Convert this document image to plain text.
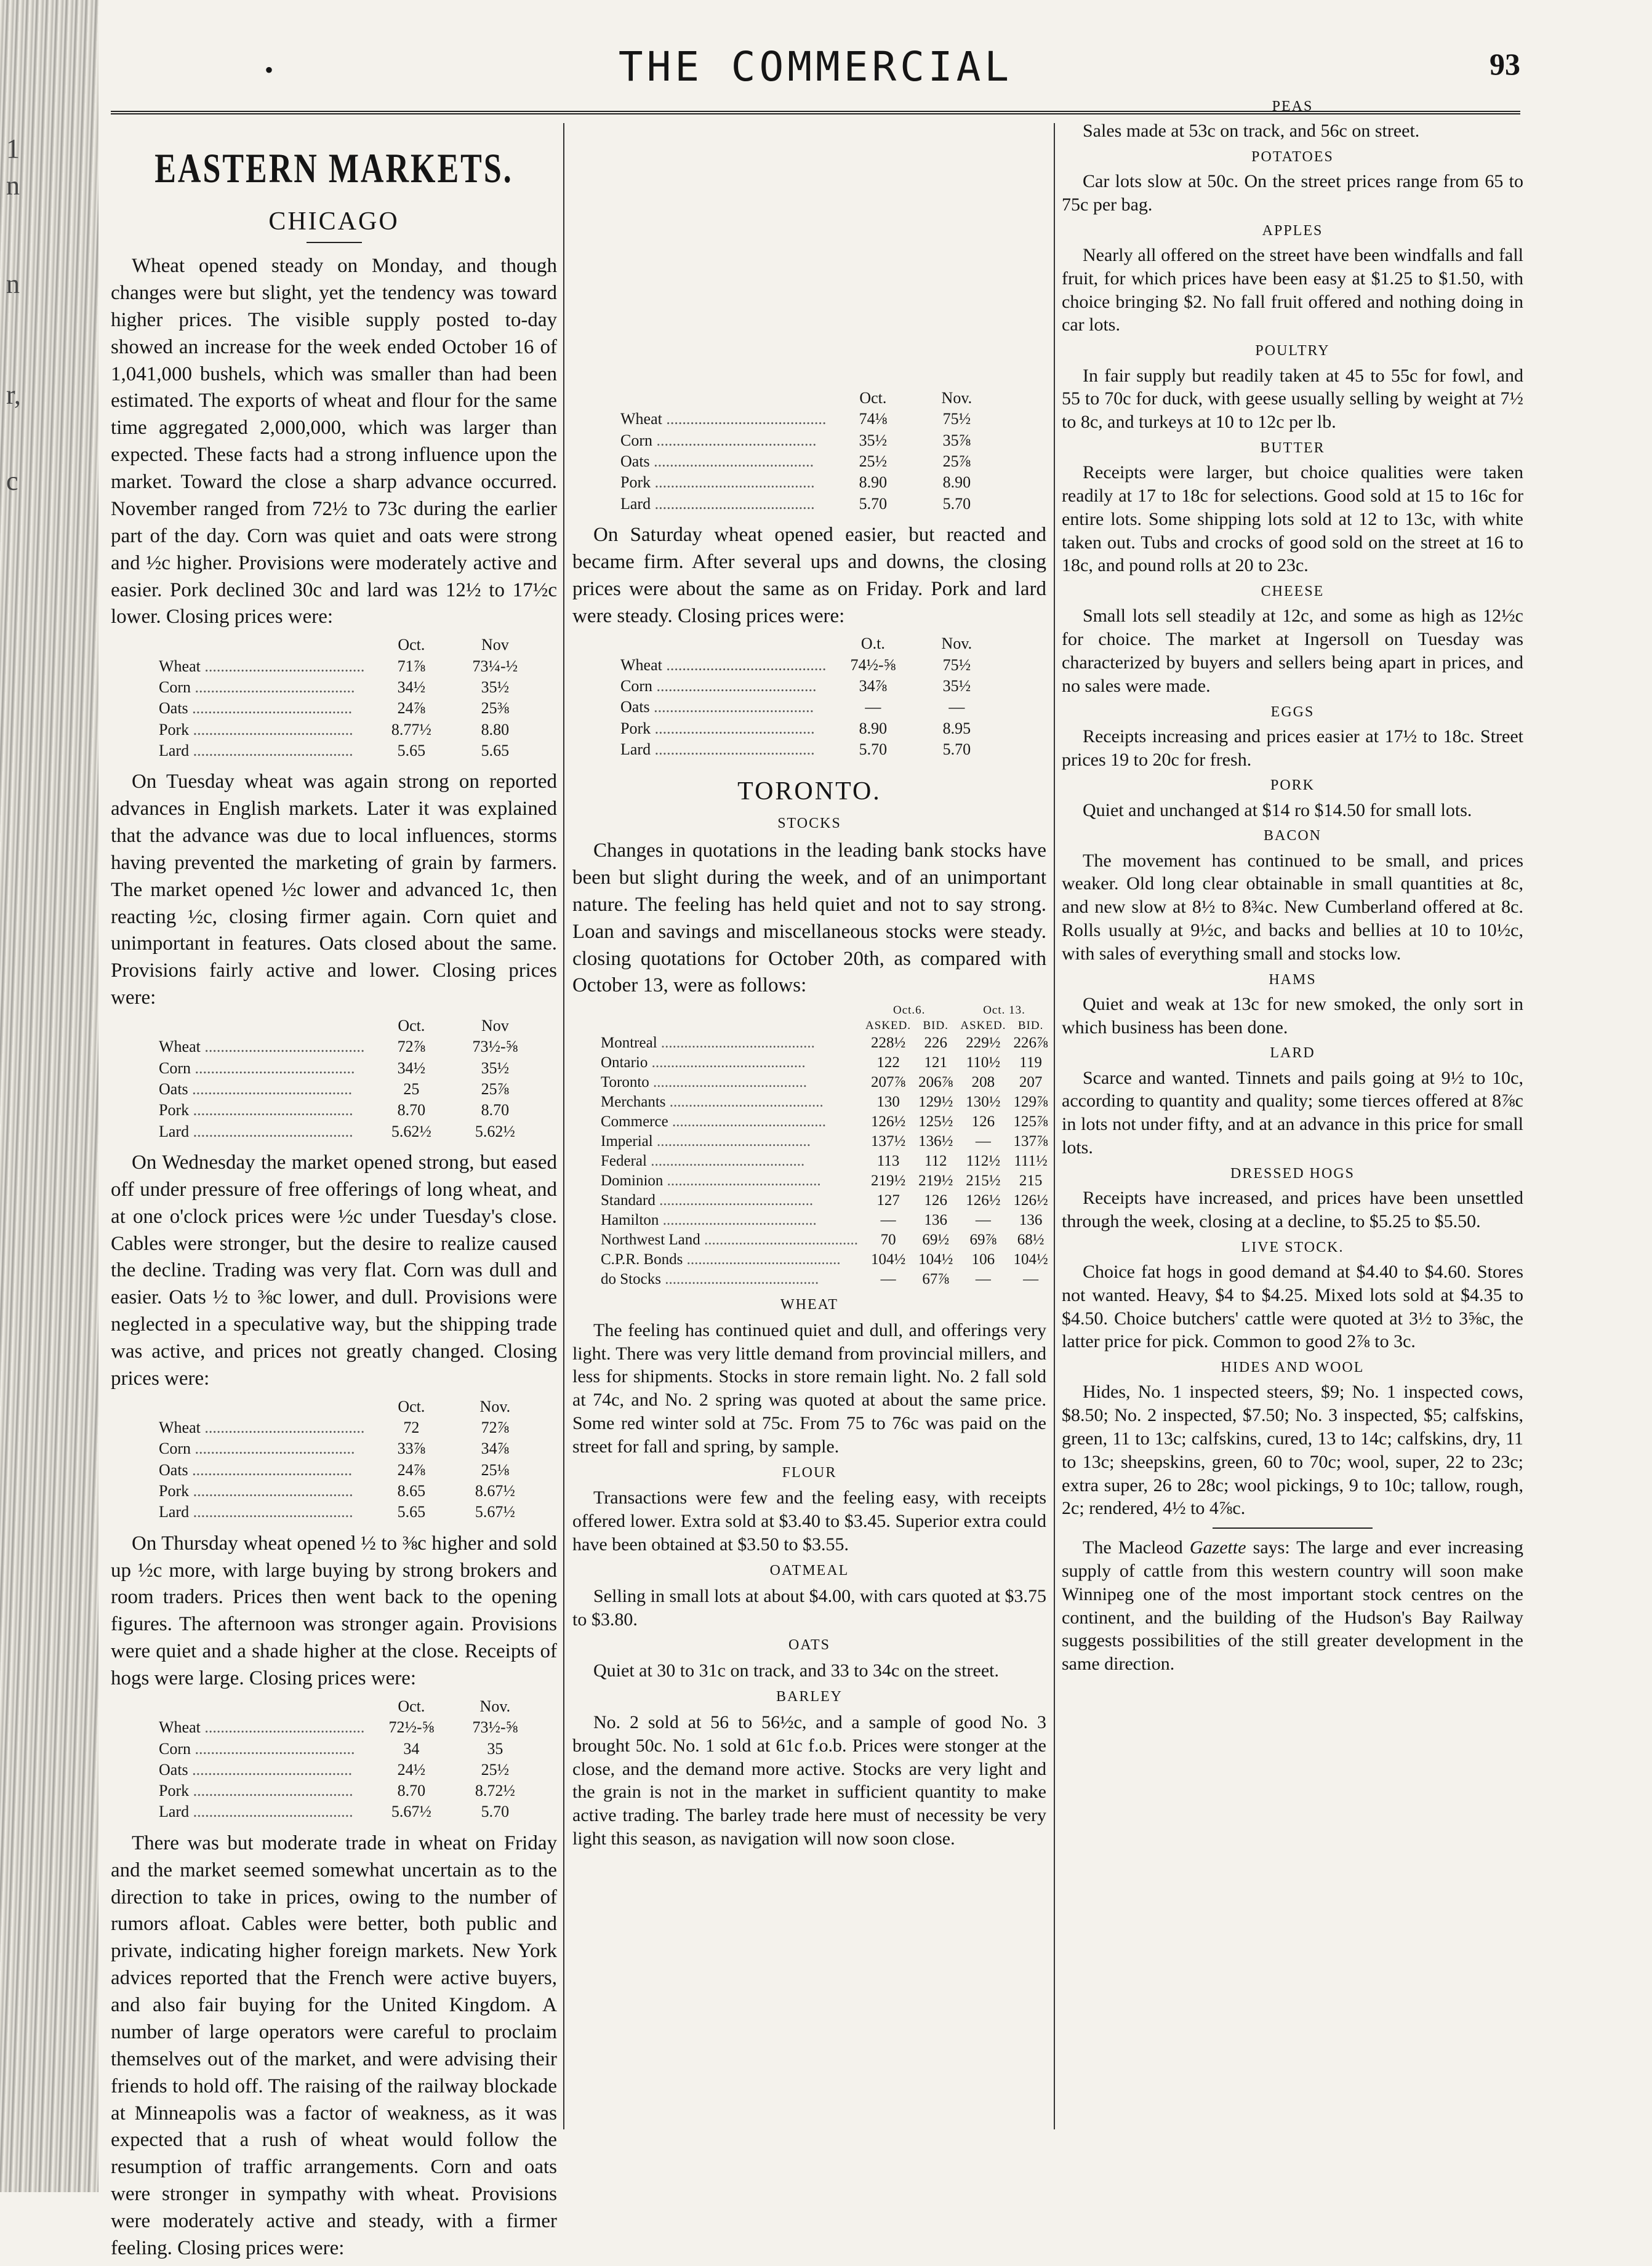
1
n
n
r,
c
•	THE COMMERCIAL	93
EASTERN MARKETS.
CHICAGO

Wheat opened steady on Monday, and though changes were but slight, yet the tendency was toward higher prices. The visible supply posted to-day showed an increase for the week ended October 16 of 1,041,000 bushels, which was smaller than had been estimated. The exports of wheat and flour for the same time aggregated 2,000,000, which was larger than expected. These facts had a strong influence upon the market. Toward the close a sharp advance occurred. November ranged from 72½ to 73c during the earlier part of the day. Corn was quiet and oats were strong and ½c higher. Provisions were moderately active and easier. Pork declined 30c and lard was 12½ to 17½c lower. Closing prices were:

	Oct.	Nov
Wheat ........................................	71⅞	73¼-½
Corn ........................................	34½	35½
Oats ........................................	24⅞	25⅜
Pork ........................................	8.77½	8.80
Lard ........................................	5.65	5.65

On Tuesday wheat was again strong on reported advances in English markets. Later it was explained that the advance was due to local influences, storms having prevented the marketing of grain by farmers. The market opened ½c lower and advanced 1c, then reacting ½c, closing firmer again. Corn quiet and unimportant in features. Oats closed about the same. Provisions fairly active and lower. Closing prices were:

	Oct.	Nov
Wheat ........................................	72⅞	73½-⅝
Corn ........................................	34½	35½
Oats ........................................	25	25⅞
Pork ........................................	8.70	8.70
Lard ........................................	5.62½	5.62½

On Wednesday the market opened strong, but eased off under pressure of free offerings of long wheat, and at one o'clock prices were ½c under Tuesday's close. Cables were stronger, but the desire to realize caused the decline. Trading was very flat. Corn was dull and easier. Oats ½ to ⅜c lower, and dull. Provisions were neglected in a speculative way, but the shipping trade was active, and prices not greatly changed. Closing prices were:

	Oct.	Nov.
Wheat ........................................	72	72⅞
Corn ........................................	33⅞	34⅞
Oats ........................................	24⅞	25⅛
Pork ........................................	8.65	8.67½
Lard ........................................	5.65	5.67½

On Thursday wheat opened ½ to ⅜c higher and sold up ½c more, with large buying by strong brokers and room traders. Prices then went back to the opening figures. The afternoon was stronger again. Provisions were quiet and a shade higher at the close. Receipts of hogs were large. Closing prices were:

	Oct.	Nov.
Wheat ........................................	72½-⅝	73½-⅝
Corn ........................................	34	35
Oats ........................................	24½	25½
Pork ........................................	8.70	8.72½
Lard ........................................	5.67½	5.70

There was but moderate trade in wheat on Friday and the market seemed somewhat uncertain as to the direction to take in prices, owing to the number of rumors afloat. Cables were better, both public and private, indicating higher foreign markets. New York advices reported that the French were active buyers, and also fair buying for the United Kingdom. A number of large operators were careful to proclaim themselves out of the market, and were advising their friends to hold off. The raising of the railway blockade at Minneapolis was a factor of weakness, as it was expected that a rush of wheat would follow the resumption of traffic arrangements. Corn and oats were stronger in sympathy with wheat. Provisions were moderately active and steady, with a firmer feeling. Closing prices were:

	Oct.	Nov.
Wheat ........................................	74⅛	75½
Corn ........................................	35½	35⅞
Oats ........................................	25½	25⅞
Pork ........................................	8.90	8.90
Lard ........................................	5.70	5.70

On Saturday wheat opened easier, but reacted and became firm. After several ups and downs, the closing prices were about the same as on Friday. Pork and lard were steady. Closing prices were:

	O.t.	Nov.
Wheat ........................................	74½-⅝	75½
Corn ........................................	34⅞	35½
Oats ........................................	—	—
Pork ........................................	8.90	8.95
Lard ........................................	5.70	5.70
TORONTO.
STOCKS

Changes in quotations in the leading bank stocks have been but slight during the week, and of an unimportant nature. The feeling has held quiet and not to say strong. Loan and savings and miscellaneous stocks were steady. closing quotations for October 20th, as compared with October 13, were as follows:

	Oct.6.		Oct. 13.	
	ASKED.	BID.	ASKED.	BID.
Montreal ........................................	228½	226	229½	226⅞
Ontario ........................................	122	121	110½	119
Toronto ........................................	207⅞	206⅞	208	207
Merchants ........................................	130	129½	130½	129⅞
Commerce ........................................	126½	125½	126	125⅞
Imperial ........................................	137½	136½	—	137⅞
Federal ........................................	113	112	112½	111½
Dominion ........................................	219½	219½	215½	215
Standard ........................................	127	126	126½	126½
Hamilton ........................................	—	136	—	136
Northwest Land ........................................	70	69½	69⅞	68½
C.P.R. Bonds ........................................	104½	104½	106	104½
do Stocks ........................................	—	67⅞	—	—
WHEAT

The feeling has continued quiet and dull, and offerings very light. There was very little demand from provincial millers, and less for shipments. Stocks in store remain light. No. 2 fall sold at 74c, and No. 2 spring was quoted at about the same price. Some red winter sold at 75c. From 75 to 76c was paid on the street for fall and spring, by sample.

FLOUR

Transactions were few and the feeling easy, with receipts offered lower. Extra sold at $3.40 to $3.45. Superior extra could have been obtained at $3.50 to $3.55.

OATMEAL

Selling in small lots at about $4.00, with cars quoted at $3.75 to $3.80.

OATS

Quiet at 30 to 31c on track, and 33 to 34c on the street.

BARLEY

No. 2 sold at 56 to 56½c, and a sample of good No. 3 brought 50c. No. 1 sold at 61c f.o.b. Prices were stonger at the close, and the demand more active. Stocks are very light and the grain is not in the market in sufficient quantity to make active trading. The barley trade here must of necessity be very light this season, as navigation will now soon close.

PEAS

Sales made at 53c on track, and 56c on street.

POTATOES

Car lots slow at 50c. On the street prices range from 65 to 75c per bag.

APPLES

Nearly all offered on the street have been windfalls and fall fruit, for which prices have been easy at $1.25 to $1.50, with choice bringing $2. No fall fruit offered and nothing doing in car lots.

POULTRY

In fair supply but readily taken at 45 to 55c for fowl, and 55 to 70c for duck, with geese usually selling by weight at 7½ to 8c, and turkeys at 10 to 12c per lb.

BUTTER

Receipts were larger, but choice qualities were taken readily at 17 to 18c for selections. Good sold at 15 to 16c for entire lots. Some shipping lots sold at 12 to 13c, with white taken out. Tubs and crocks of good sold on the street at 16 to 18c, and pound rolls at 20 to 23c.

CHEESE

Small lots sell steadily at 12c, and some as high as 12½c for choice. The market at Ingersoll on Tuesday was characterized by buyers and sellers being apart in prices, and no sales were made.

EGGS

Receipts increasing and prices easier at 17½ to 18c. Street prices 19 to 20c for fresh.

PORK

Quiet and unchanged at $14 ro $14.50 for small lots.

BACON

The movement has continued to be small, and prices weaker. Old long clear obtainable in small quantities at 8c, and new slow at 8½ to 8¾c. New Cumberland offered at 8c. Rolls usually at 9½c, and backs and bellies at 10 to 10½c, with sales of everything small and stocks low.

HAMS

Quiet and weak at 13c for new smoked, the only sort in which business has been done.

LARD

Scarce and wanted. Tinnets and pails going at 9½ to 10c, according to quantity and quality; some tierces offered at 8⅞c in lots not under fifty, and at an advance in this price for small lots.

DRESSED HOGS

Receipts have increased, and prices have been unsettled through the week, closing at a decline, to $5.25 to $5.50.

LIVE STOCK.

Choice fat hogs in good demand at $4.40 to $4.60. Stores not wanted. Heavy, $4 to $4.25. Mixed lots sold at $4.35 to $4.50. Choice butchers' cattle were quoted at 3½ to 3⅝c, the latter price for pick. Common to good 2⅞ to 3c.

HIDES AND WOOL

Hides, No. 1 inspected steers, $9; No. 1 inspected cows, $8.50; No. 2 inspected, $7.50; No. 3 inspected, $5; calfskins, green, 11 to 13c; calfskins, cured, 13 to 14c; calfskins, dry, 11 to 13c; sheepskins, green, 60 to 70c; wool, super, 22 to 23c; extra super, 26 to 28c; wool pickings, 9 to 10c; tallow, rough, 2c; rendered, 4½ to 4⅞c.

The Macleod Gazette says: The large and ever increasing supply of cattle from this western country will soon make Winnipeg one of the most important stock centres on the continent, and the building of the Hudson's Bay Railway suggests possibilities of the still greater development in the same direction.
